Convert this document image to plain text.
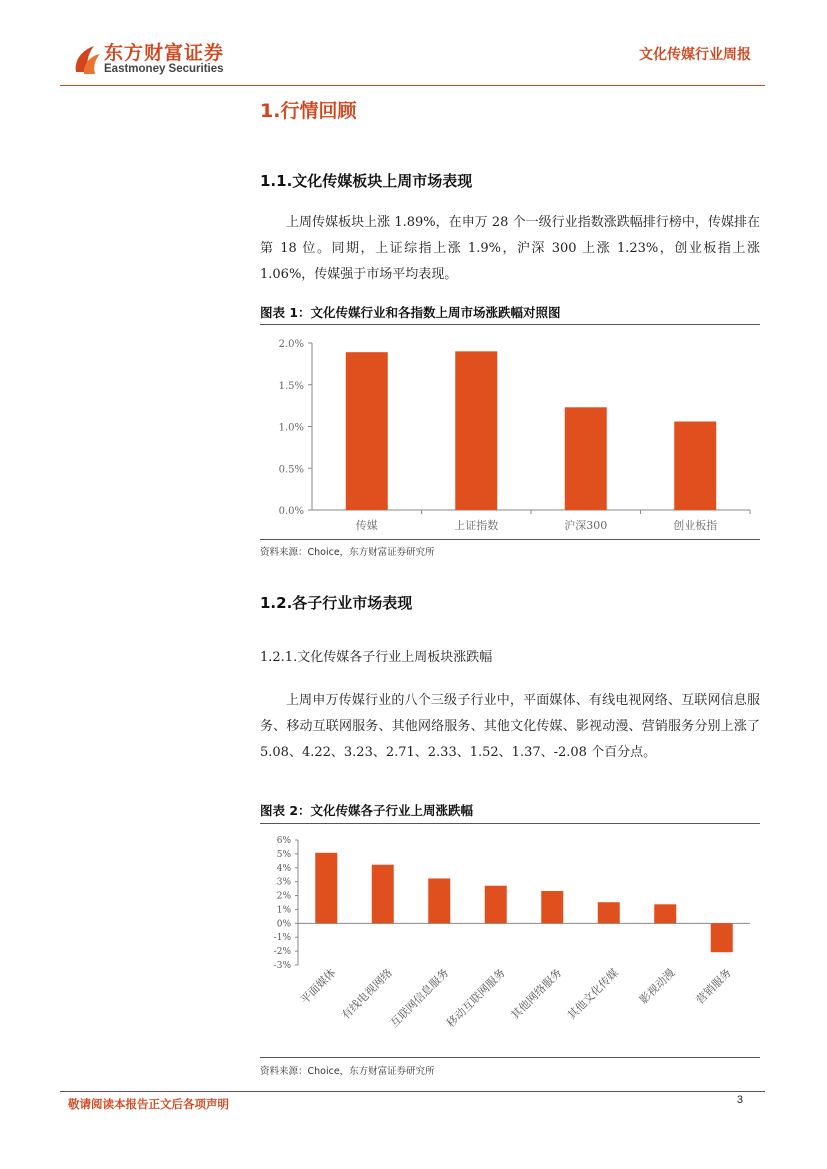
东方财富证券
Eastmoney Securities
文化传媒行业周报
1.行情回顾
1.1.文化传媒板块上周市场表现
上周传媒板块上涨 1.89%，在申万 28 个一级行业指数涨跌幅排行榜中，传媒排在第 18 位。同期，上证综指上涨 1.9%，沪深 300 上涨 1.23%，创业板指上涨 1.06%，传媒强于市场平均表现。
图表 1：文化传媒行业和各指数上周市场涨跌幅对照图
0.0%
0.5%
1.0%
1.5%
2.0%
传媒	上证指数	沪深300	创业板指
资料来源：Choice，东方财富证券研究所
1.2.各子行业市场表现
1.2.1.文化传媒各子行业上周板块涨跌幅
上周申万传媒行业的八个三级子行业中，平面媒体、有线电视网络、互联网信息服务、移动互联网服务、其他网络服务、其他文化传媒、影视动漫、营销服务分别上涨了 5.08、4.22、3.23、2.71、2.33、1.52、1.37、-2.08 个百分点。
图表 2：文化传媒各子行业上周涨跌幅
6%
5%
4%
3%
2%
1%
0%
-1%
-2%
-3%
平面媒体 有线电视网络
互联网信息服务
移动互联网服务 其他网络服务 其他文化传媒 影视动漫 营销服务
资料来源：Choice，东方财富证券研究所
敬请阅读本报告正文后各项声明	3
